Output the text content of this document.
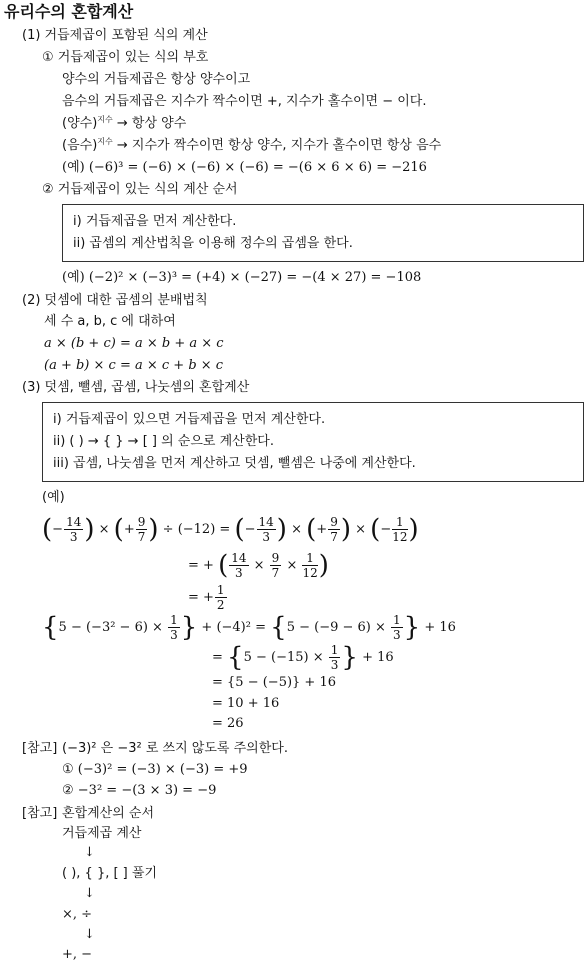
유리수의 혼합계산
(1) 거듭제곱이 포함된 식의 계산
① 거듭제곱이 있는 식의 부호
양수의 거듭제곱은 항상 양수이고
음수의 거듭제곱은 지수가 짝수이면 +, 지수가 홀수이면 − 이다.
(양수)$^{지수}$ → 항상 양수
(음수)$^{지수}$ → 지수가 짝수이면 항상 양수, 지수가 홀수이면 항상 음수
(예) (−6)³ = (−6) × (−6) × (−6) = −(6 × 6 × 6) = −216
② 거듭제곱이 있는 식의 계산 순서
i) 거듭제곱을 먼저 계산한다.
ii) 곱셈의 계산법칙을 이용해 정수의 곱셈을 한다.
(예) (−2)² × (−3)³ = (+4) × (−27) = −(4 × 27) = −108
(2) 덧셈에 대한 곱셈의 분배법칙
세 수 a, b, c 에 대하여
a × (b + c) = a × b + a × c
(a + b) × c = a × c + b × c
(3) 덧셈, 뺄셈, 곱셈, 나눗셈의 혼합계산
i) 거듭제곱이 있으면 거듭제곱을 먼저 계산한다.
ii) ( ) → { } → [ ] 의 순으로 계산한다.
iii) 곱셈, 나눗셈을 먼저 계산하고 덧셈, 뺄셈은 나중에 계산한다.
(예)
(− $\frac{14}{3}$ ) × (+ $\frac{9}{7}$ ) ÷ (−12) = (− $\frac{14}{3}$ ) × (+ $\frac{9}{7}$ ) × (− $\frac{1}{12}$ )
= + ( $\frac{14}{3} \times \frac{9}{7} \times \frac{1}{12}$ )
= + $\frac{1}{2}$
{$5 - (-3^2 - 6) \times \frac{1}{3}$ } + $(-4)^2 = \{5 - (-9 - 6) \times \frac{1}{3}$ } + 16
= {$5 - (-15) \times \frac{1}{3}$ } + 16
= {5 − (−5)} + 16
= 10 + 16
= 26
[참고] (−3)² 은 −3² 로 쓰지 않도록 주의한다.
① (−3)² = (−3) × (−3) = +9
② −3² = −(3 × 3) = −9
[참고] 혼합계산의 순서
거듭제곱 계산
↓
( ), { }, [ ] 풀기
↓
×, ÷
↓
+, −
